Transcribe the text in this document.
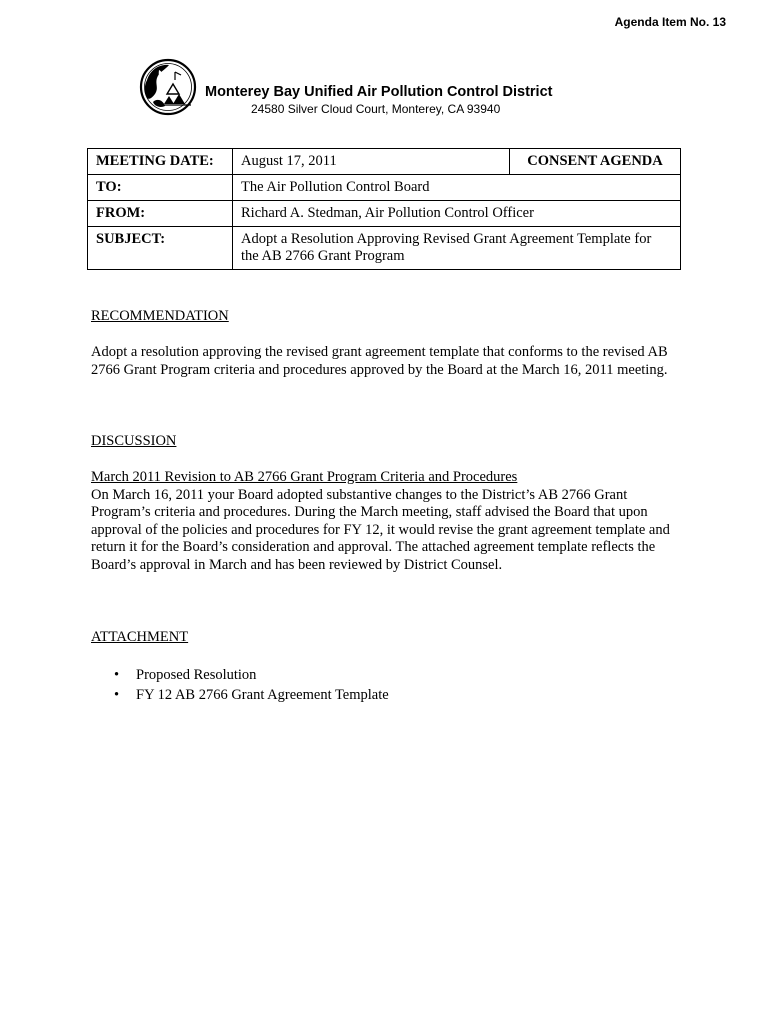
Agenda Item No. 13
Monterey Bay Unified Air Pollution Control District
24580 Silver Cloud Court, Monterey, CA 93940
MEETING DATE:	August 17, 2011	CONSENT AGENDA
TO:	The Air Pollution Control Board	
FROM:	Richard A. Stedman, Air Pollution Control Officer	
SUBJECT:	Adopt a Resolution Approving Revised Grant Agreement Template for the AB 2766 Grant Program	
RECOMMENDATION
Adopt a resolution approving the revised grant agreement template that conforms to the revised AB 2766 Grant Program criteria and procedures approved by the Board at the March 16, 2011 meeting.
DISCUSSION
March 2011 Revision to AB 2766 Grant Program Criteria and Procedures
On March 16, 2011 your Board adopted substantive changes to the District’s AB 2766 Grant Program’s criteria and procedures. During the March meeting, staff advised the Board that upon approval of the policies and procedures for FY 12, it would revise the grant agreement template and return it for the Board’s consideration and approval. The attached agreement template reflects the Board’s approval in March and has been reviewed by District Counsel.
ATTACHMENT
• Proposed Resolution
• FY 12 AB 2766 Grant Agreement Template
